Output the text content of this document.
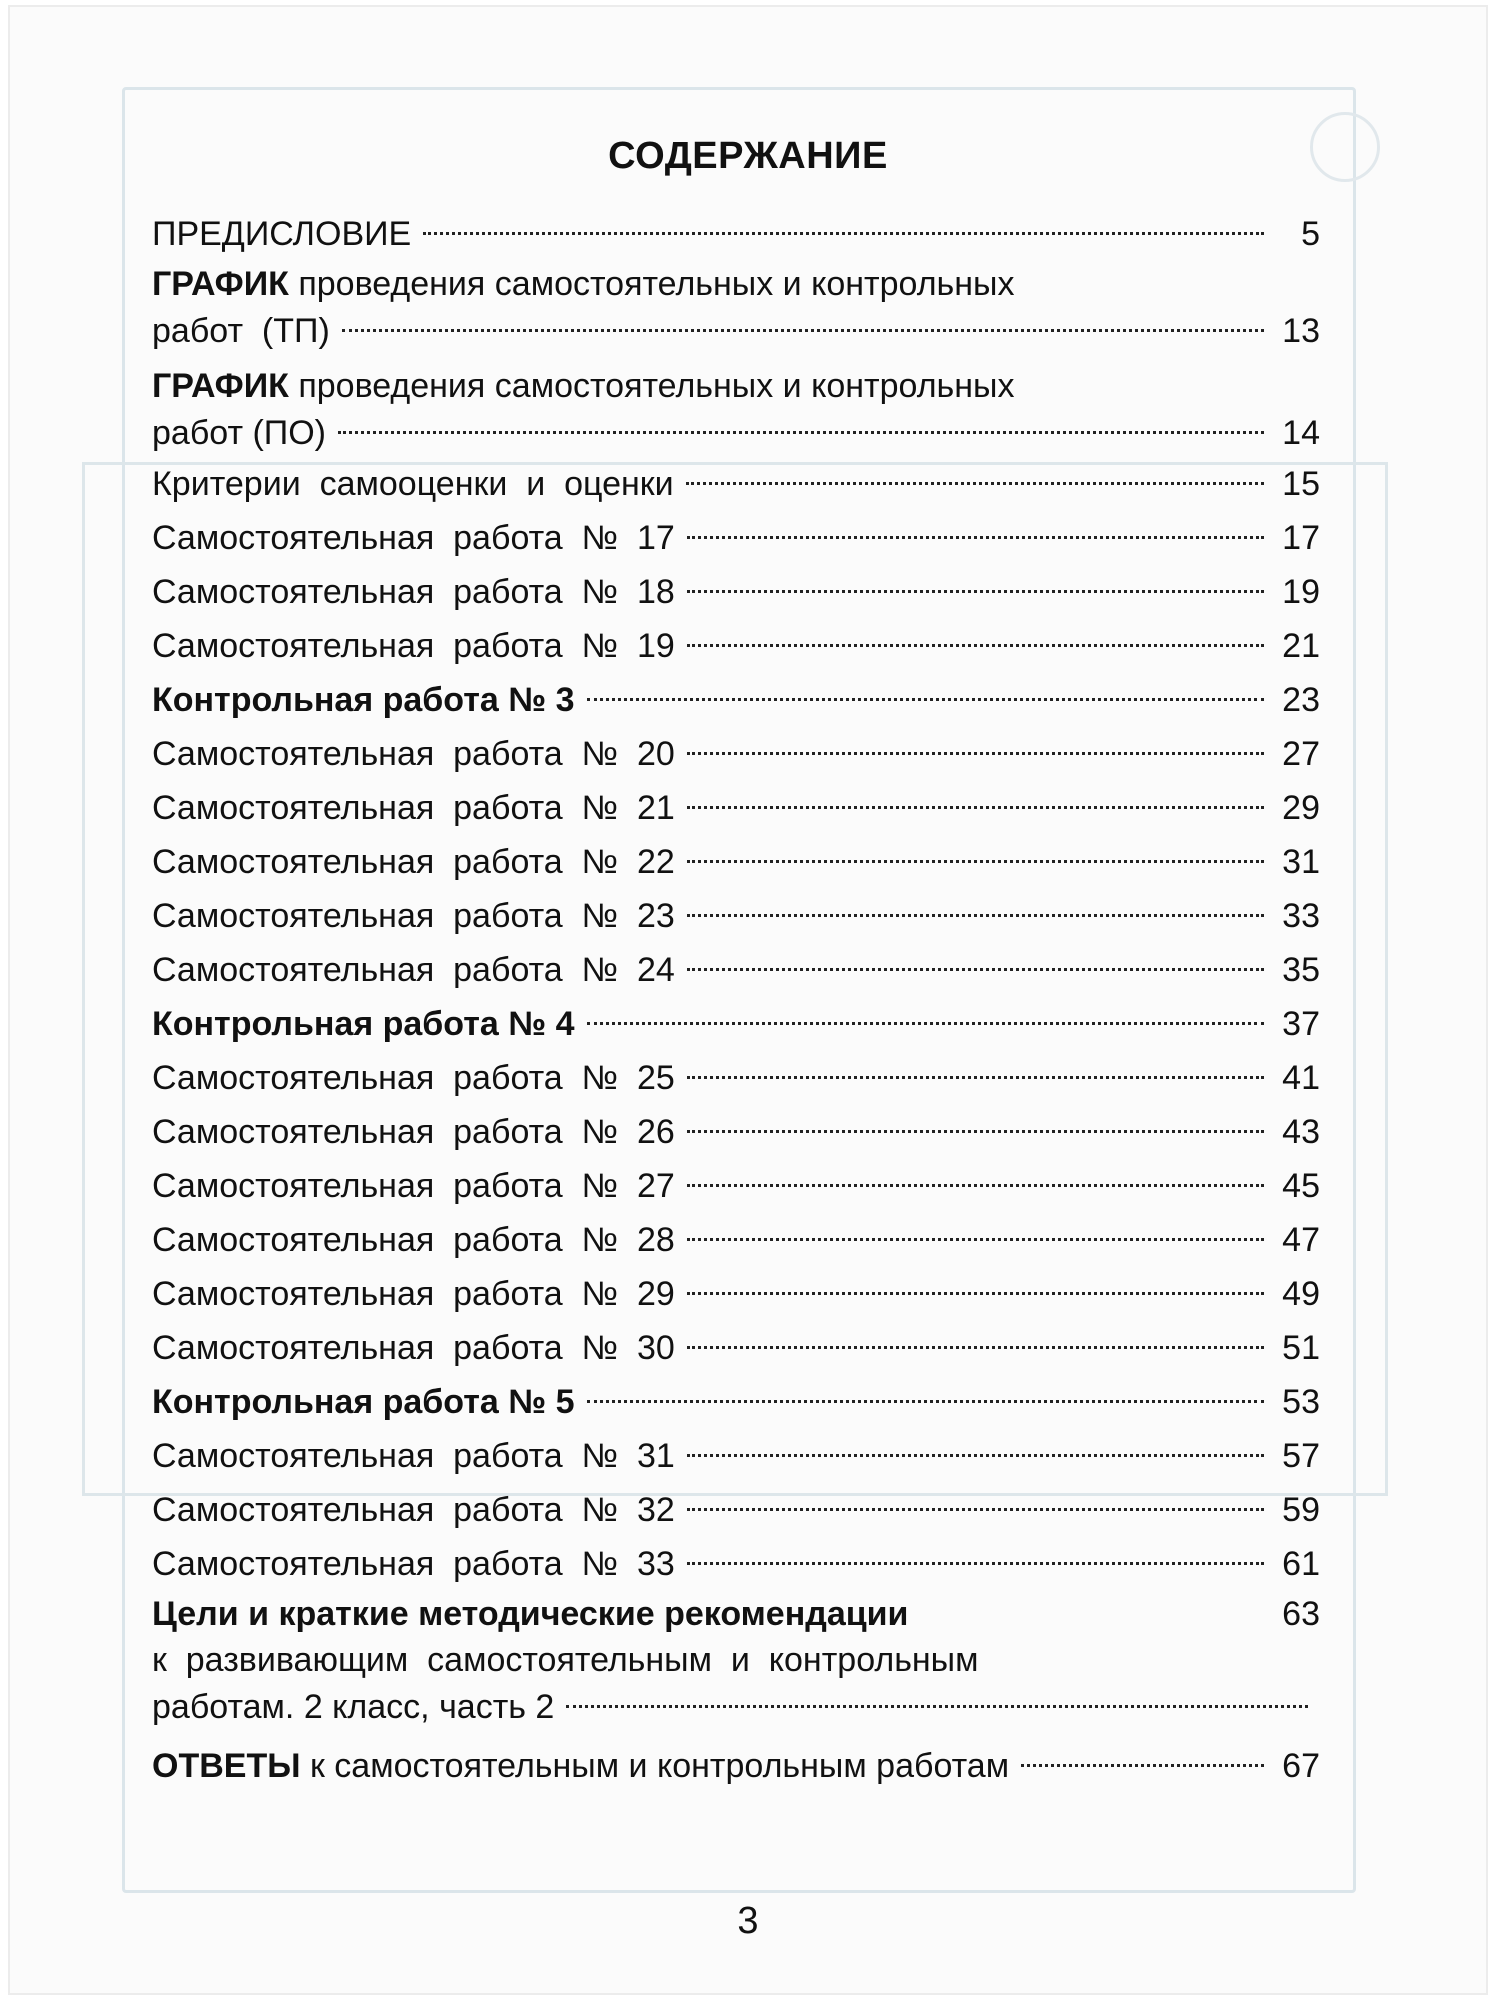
СОДЕРЖАНИЕ
ПРЕДИСЛОВИЕ	5
ГРАФИК проведения самостоятельных и контрольных
работ  (ТП)	13
ГРАФИК проведения самостоятельных и контрольных
работ (ПО)	14
Критерии  самооценки  и  оценки	15
Самостоятельная  работа  №  17	17
Самостоятельная  работа  №  18	19
Самостоятельная  работа  №  19	21
Контрольная работа № 3	23
Самостоятельная  работа  №  20	27
Самостоятельная  работа  №  21	29
Самостоятельная  работа  №  22	31
Самостоятельная  работа  №  23	33
Самостоятельная  работа  №  24	35
Контрольная работа № 4	37
Самостоятельная  работа  №  25	41
Самостоятельная  работа  №  26	43
Самостоятельная  работа  №  27	45
Самостоятельная  работа  №  28	47
Самостоятельная  работа  №  29	49
Самостоятельная  работа  №  30	51
Контрольная работа № 5	53
Самостоятельная  работа  №  31	57
Самостоятельная  работа  №  32	59
Самостоятельная  работа  №  33	61
Цели и краткие методические рекомендации	63
к  развивающим  самостоятельным  и  контрольным
работам. 2 класс, часть 2
ОТВЕТЫ к самостоятельным и контрольным работам	67
3
